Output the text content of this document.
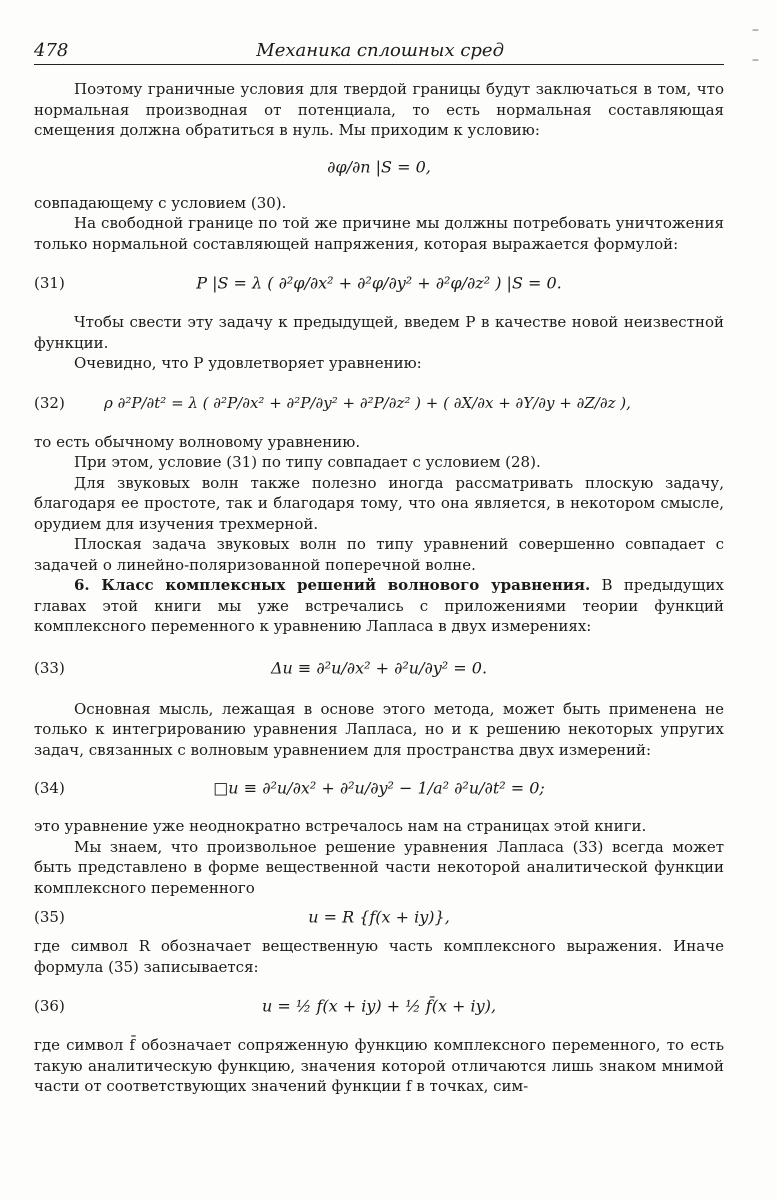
–
–
478	Механика сплошных сред

Поэтому граничные условия для твердой границы будут заключаться в том, что нормальная производная от потенциала, то есть нормальная составляющая смещения должна обратиться в нуль. Мы приходим к условию:

∂φ/∂n |S = 0,

совпадающему с условием (30).

На свободной границе по той же причине мы должны потребовать уничтожения только нормальной составляющей напряжения, которая выражается формулой:

(31)	P |S = λ ( ∂²φ/∂x² + ∂²φ/∂y² + ∂²φ/∂z² ) |S = 0.

Чтобы свести эту задачу к предыдущей, введем P в качестве новой неизвестной функции.

Очевидно, что P удовлетворяет уравнению:

(32)	ρ ∂²P/∂t² = λ ( ∂²P/∂x² + ∂²P/∂y² + ∂²P/∂z² ) + ( ∂X/∂x + ∂Y/∂y + ∂Z/∂z ),

то есть обычному волновому уравнению.

При этом, условие (31) по типу совпадает с условием (28).

Для звуковых волн также полезно иногда рассматривать плоскую задачу, благодаря ее простоте, так и благодаря тому, что она является, в некотором смысле, орудием для изучения трехмерной.

Плоская задача звуковых волн по типу уравнений совершенно совпадает с задачей о линейно-поляризованной поперечной волне.

6. Класс комплексных решений волнового уравнения. В предыдущих главах этой книги мы уже встречались с приложениями теории функций комплексного переменного к уравнению Лапласа в двух измерениях:

(33)	Δu ≡ ∂²u/∂x² + ∂²u/∂y² = 0.

Основная мысль, лежащая в основе этого метода, может быть применена не только к интегрированию уравнения Лапласа, но и к решению некоторых упругих задач, связанных с волновым уравнением для пространства двух измерений:

(34)	□u ≡ ∂²u/∂x² + ∂²u/∂y² − 1/a² ∂²u/∂t² = 0;

это уравнение уже неоднократно встречалось нам на страницах этой книги.

Мы знаем, что произвольное решение уравнения Лапласа (33) всегда может быть представлено в форме вещественной части некоторой аналитической функции комплексного переменного

(35)	u = R {f(x + iy)},

где символ R обозначает вещественную часть комплексного выражения. Иначе формула (35) записывается:

(36)	u = ½ f(x + iy) + ½ f̄(x + iy),

где символ f̄ обозначает сопряженную функцию комплексного переменного, то есть такую аналитическую функцию, значения которой отличаются лишь знаком мнимой части от соответствующих значений функции f в точках, сим-
